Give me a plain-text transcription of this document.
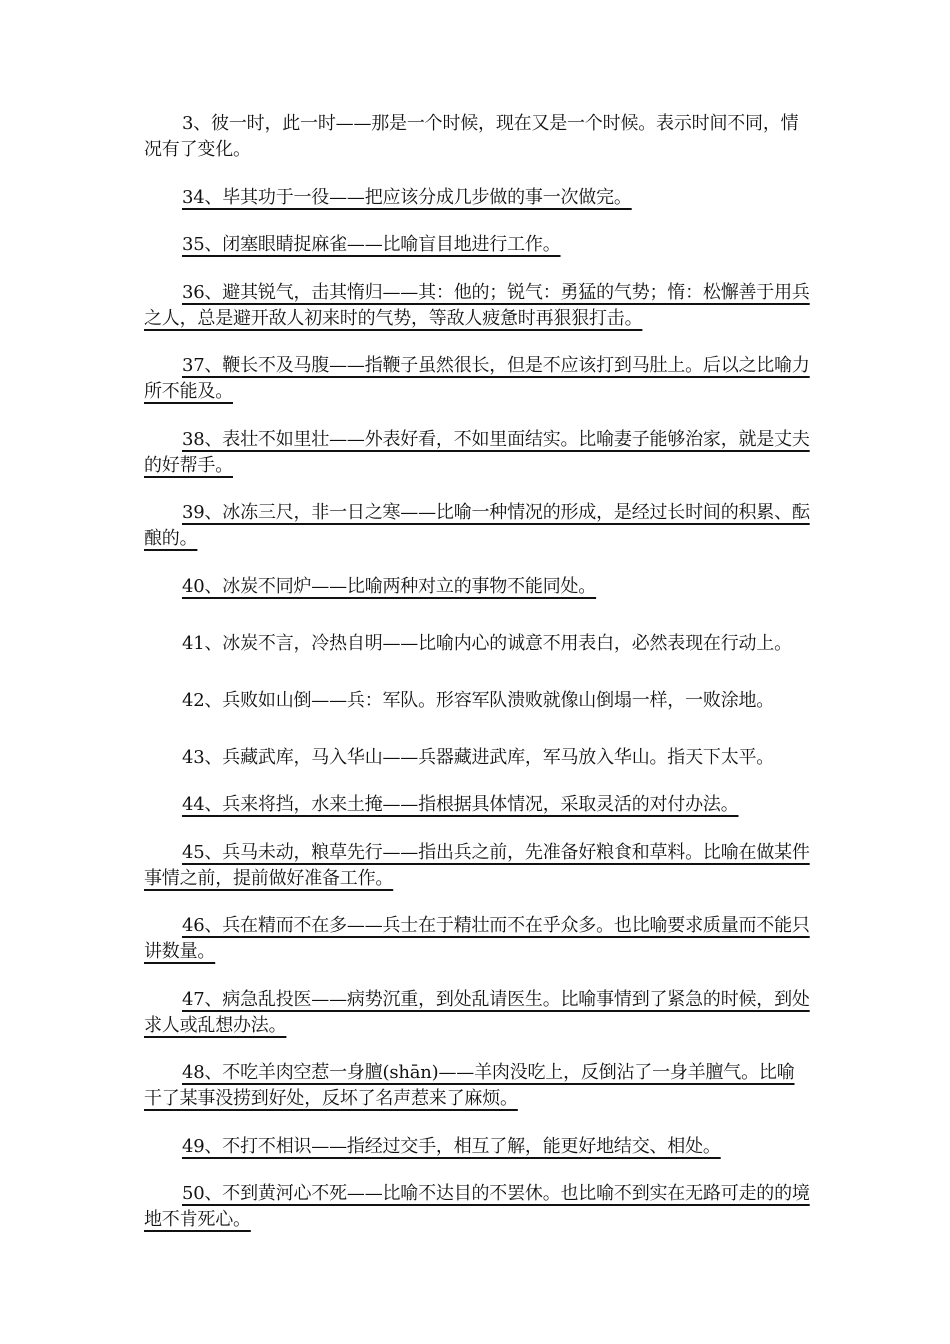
3、彼一时，此一时——那是一个时候，现在又是一个时候。表示时间不同，情况有了变化。

34、毕其功于一役——把应该分成几步做的事一次做完。

35、闭塞眼睛捉麻雀——比喻盲目地进行工作。

36、避其锐气，击其惰归——其：他的；锐气：勇猛的气势；惰：松懈善于用兵之人，总是避开敌人初来时的气势，等敌人疲惫时再狠狠打击。

37、鞭长不及马腹——指鞭子虽然很长，但是不应该打到马肚上。后以之比喻力所不能及。

38、表壮不如里壮——外表好看，不如里面结实。比喻妻子能够治家，就是丈夫的好帮手。

39、冰冻三尺，非一日之寒——比喻一种情况的形成，是经过长时间的积累、酝酿的。

40、冰炭不同炉——比喻两种对立的事物不能同处。

41、冰炭不言，冷热自明——比喻内心的诚意不用表白，必然表现在行动上。

42、兵败如山倒——兵：军队。形容军队溃败就像山倒塌一样，一败涂地。

43、兵藏武库，马入华山——兵器藏进武库，军马放入华山。指天下太平。

44、兵来将挡，水来土掩——指根据具体情况，采取灵活的对付办法。

45、兵马未动，粮草先行——指出兵之前，先准备好粮食和草料。比喻在做某件事情之前，提前做好准备工作。

46、兵在精而不在多——兵士在于精壮而不在乎众多。也比喻要求质量而不能只讲数量。

47、病急乱投医——病势沉重，到处乱请医生。比喻事情到了紧急的时候，到处求人或乱想办法。

48、不吃羊肉空惹一身膻(shān)——羊肉没吃上，反倒沾了一身羊膻气。比喻干了某事没捞到好处，反坏了名声惹来了麻烦。

49、不打不相识——指经过交手，相互了解，能更好地结交、相处。

50、不到黄河心不死——比喻不达目的不罢休。也比喻不到实在无路可走的的境地不肯死心。
